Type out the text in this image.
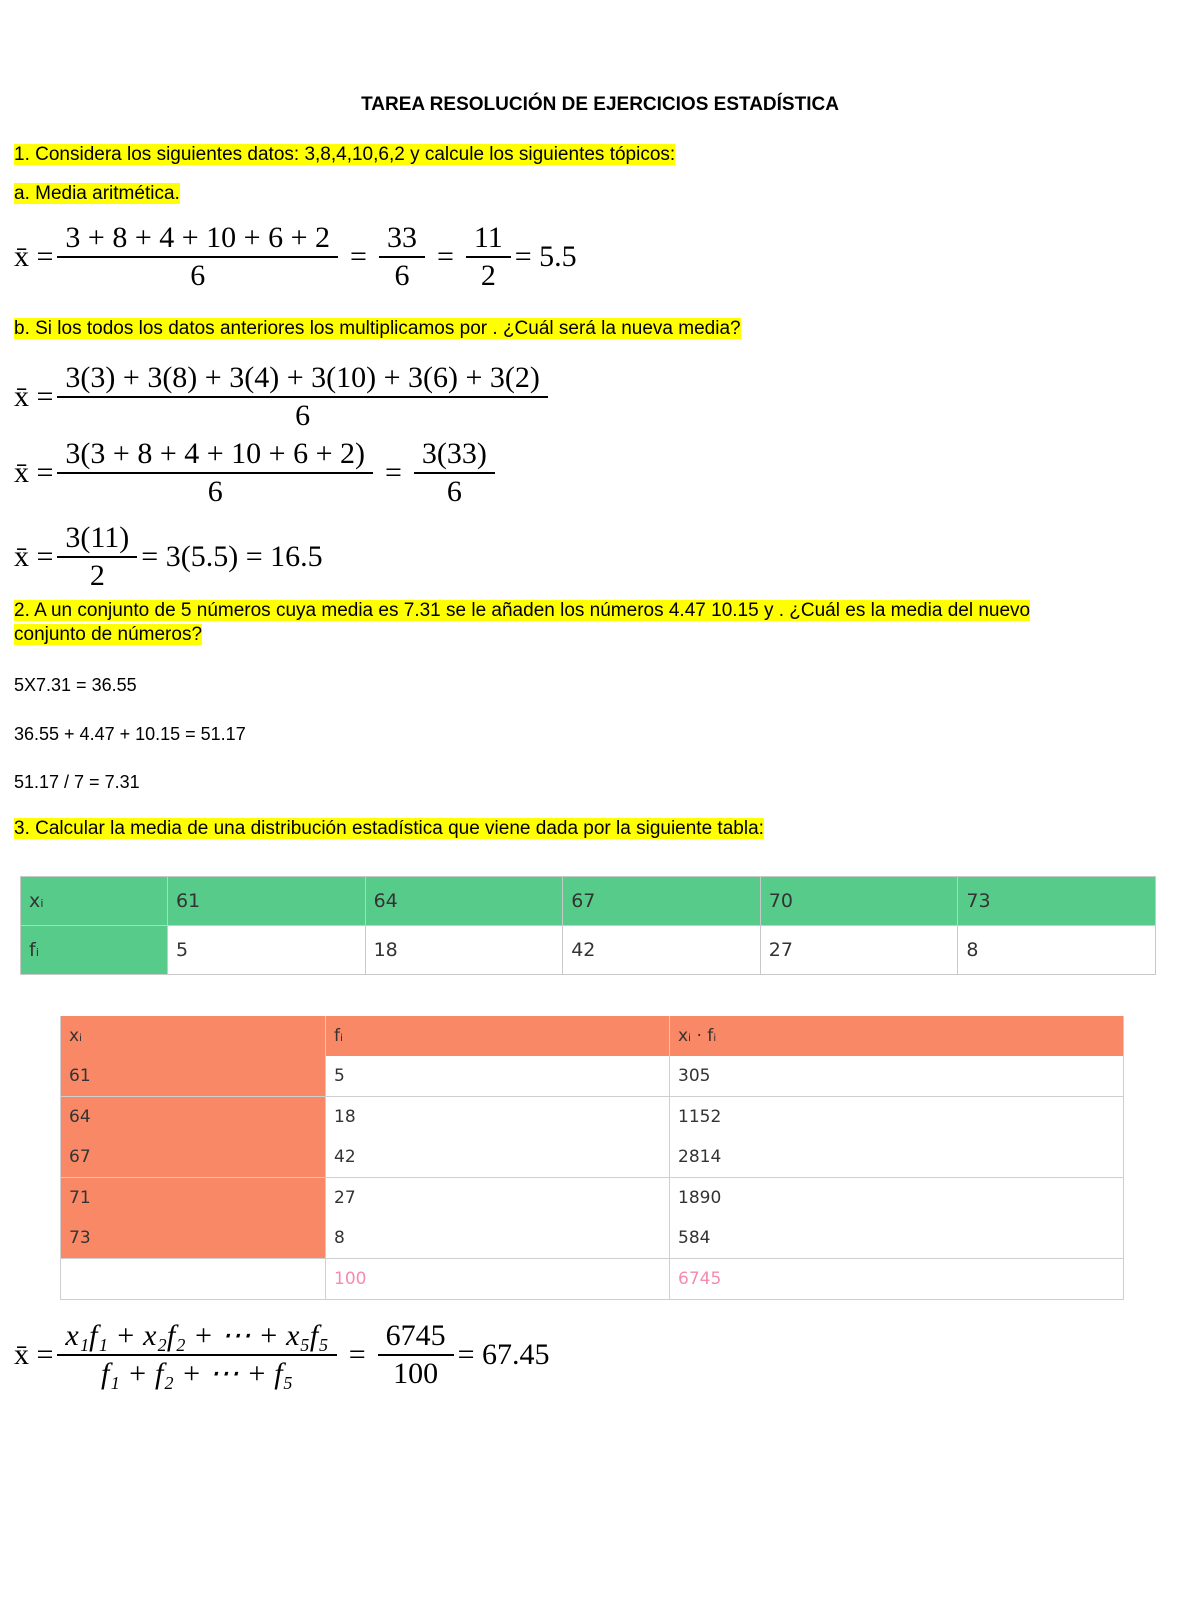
TAREA RESOLUCIÓN DE EJERCICIOS ESTADÍSTICA
1. Considera los siguientes datos: 3,8,4,10,6,2 y calcule los siguientes tópicos:
a. Media aritmética.
x̄ = $\frac{3 + 8 + 4 + 10 + 6 + 2}{6} = \frac{33}{6} = \frac{11}{2} = 5.5$
b. Si los todos los datos anteriores los multiplicamos por . ¿Cuál será la nueva media?
x̄ = $\frac{3(3) + 3(8) + 3(4) + 3(10) + 3(6) + 3(2)}{6}$
x̄ = $\frac{3(3 + 8 + 4 + 10 + 6 + 2)}{6} = \frac{3(33)}{6}$
x̄ = $\frac{3(11)}{2} = 3(5.5) = 16.5$
2. A un conjunto de 5 números cuya media es 7.31 se le añaden los números 4.47 10.15 y . ¿Cuál es la media del nuevo
conjunto de números?
5X7.31 = 36.55
36.55 + 4.47 + 10.15 = 51.17
51.17 / 7 = 7.31
3. Calcular la media de una distribución estadística que viene dada por la siguiente tabla:
xᵢ	61	64	67	70	73
fᵢ	5	18	42	27	8
xᵢ	fᵢ	xᵢ · fᵢ
61	5	305
64	18	1152
67	42	2814
71	27	1890
73	8	584
	100	6745
x̄ = $\frac{\text{x₁f₁ + x₂f₂ + ⋯ + x₅f₅}}{\text{f₁ + f₂ + ⋯ + f₅}} = \frac{6745}{100} = 67.45$
